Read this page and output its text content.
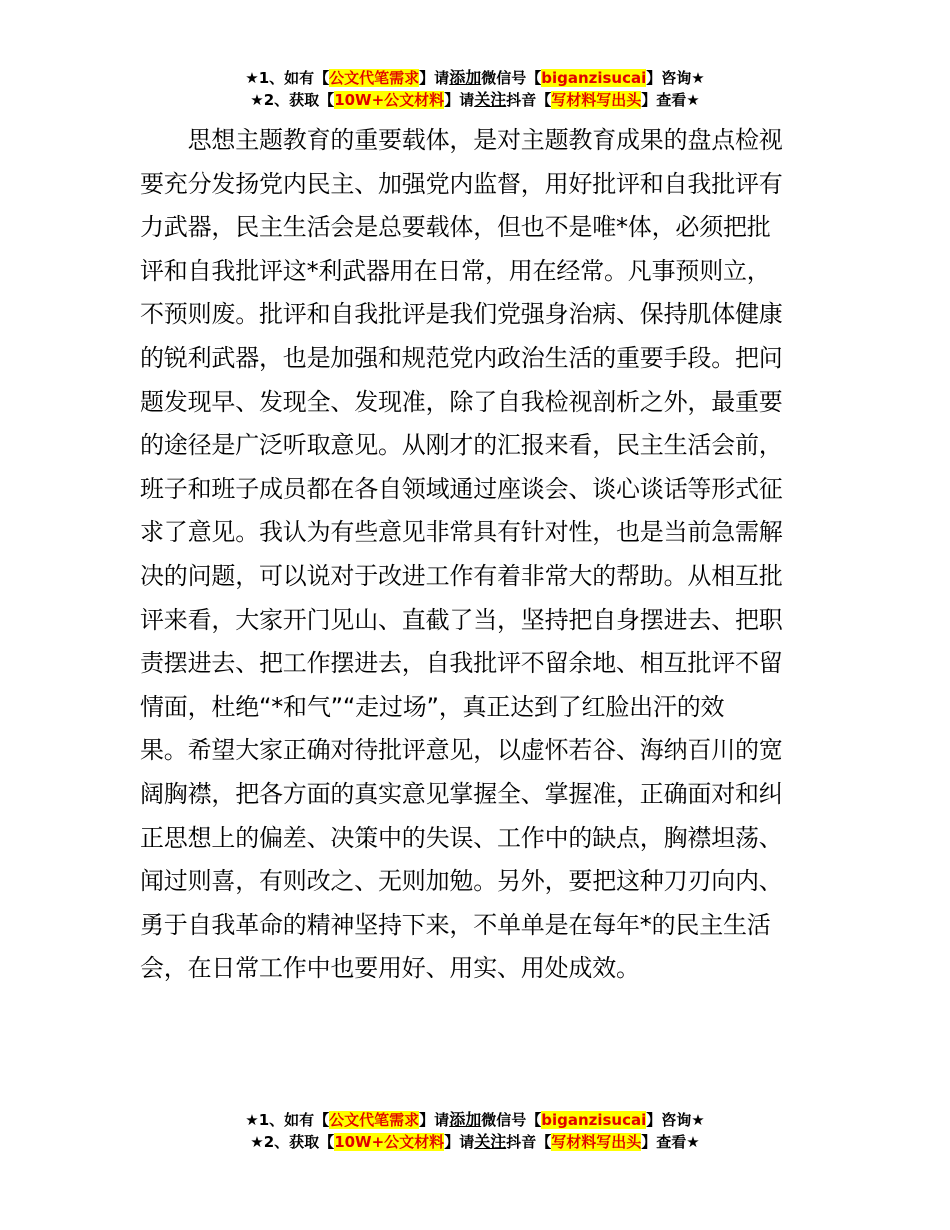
★1、如有【公文代笔需求】请添加微信号【biganzisucai】咨询★
★2、获取【10W+公文材料】请关注抖音【写材料写出头】查看★
　　思想主题教育的重要载体，是对主题教育成果的盘点检视
要充分发扬党内民主、加强党内监督，用好批评和自我批评有
力武器，民主生活会是总要载体，但也不是唯*体，必须把批
评和自我批评这*利武器用在日常，用在经常。凡事预则立，
不预则废。批评和自我批评是我们党强身治病、保持肌体健康
的锐利武器，也是加强和规范党内政治生活的重要手段。把问
题发现早、发现全、发现准，除了自我检视剖析之外，最重要
的途径是广泛听取意见。从刚才的汇报来看，民主生活会前，
班子和班子成员都在各自领域通过座谈会、谈心谈话等形式征
求了意见。我认为有些意见非常具有针对性，也是当前急需解
决的问题，可以说对于改进工作有着非常大的帮助。从相互批
评来看，大家开门见山、直截了当，坚持把自身摆进去、把职
责摆进去、把工作摆进去，自我批评不留余地、相互批评不留
情面，杜绝“*和气”“走过场”，真正达到了红脸出汗的效
果。希望大家正确对待批评意见，以虚怀若谷、海纳百川的宽
阔胸襟，把各方面的真实意见掌握全、掌握准，正确面对和纠
正思想上的偏差、决策中的失误、工作中的缺点，胸襟坦荡、
闻过则喜，有则改之、无则加勉。另外，要把这种刀刃向内、
勇于自我革命的精神坚持下来，不单单是在每年*的民主生活
会，在日常工作中也要用好、用实、用处成效。
★1、如有【公文代笔需求】请添加微信号【biganzisucai】咨询★
★2、获取【10W+公文材料】请关注抖音【写材料写出头】查看★
